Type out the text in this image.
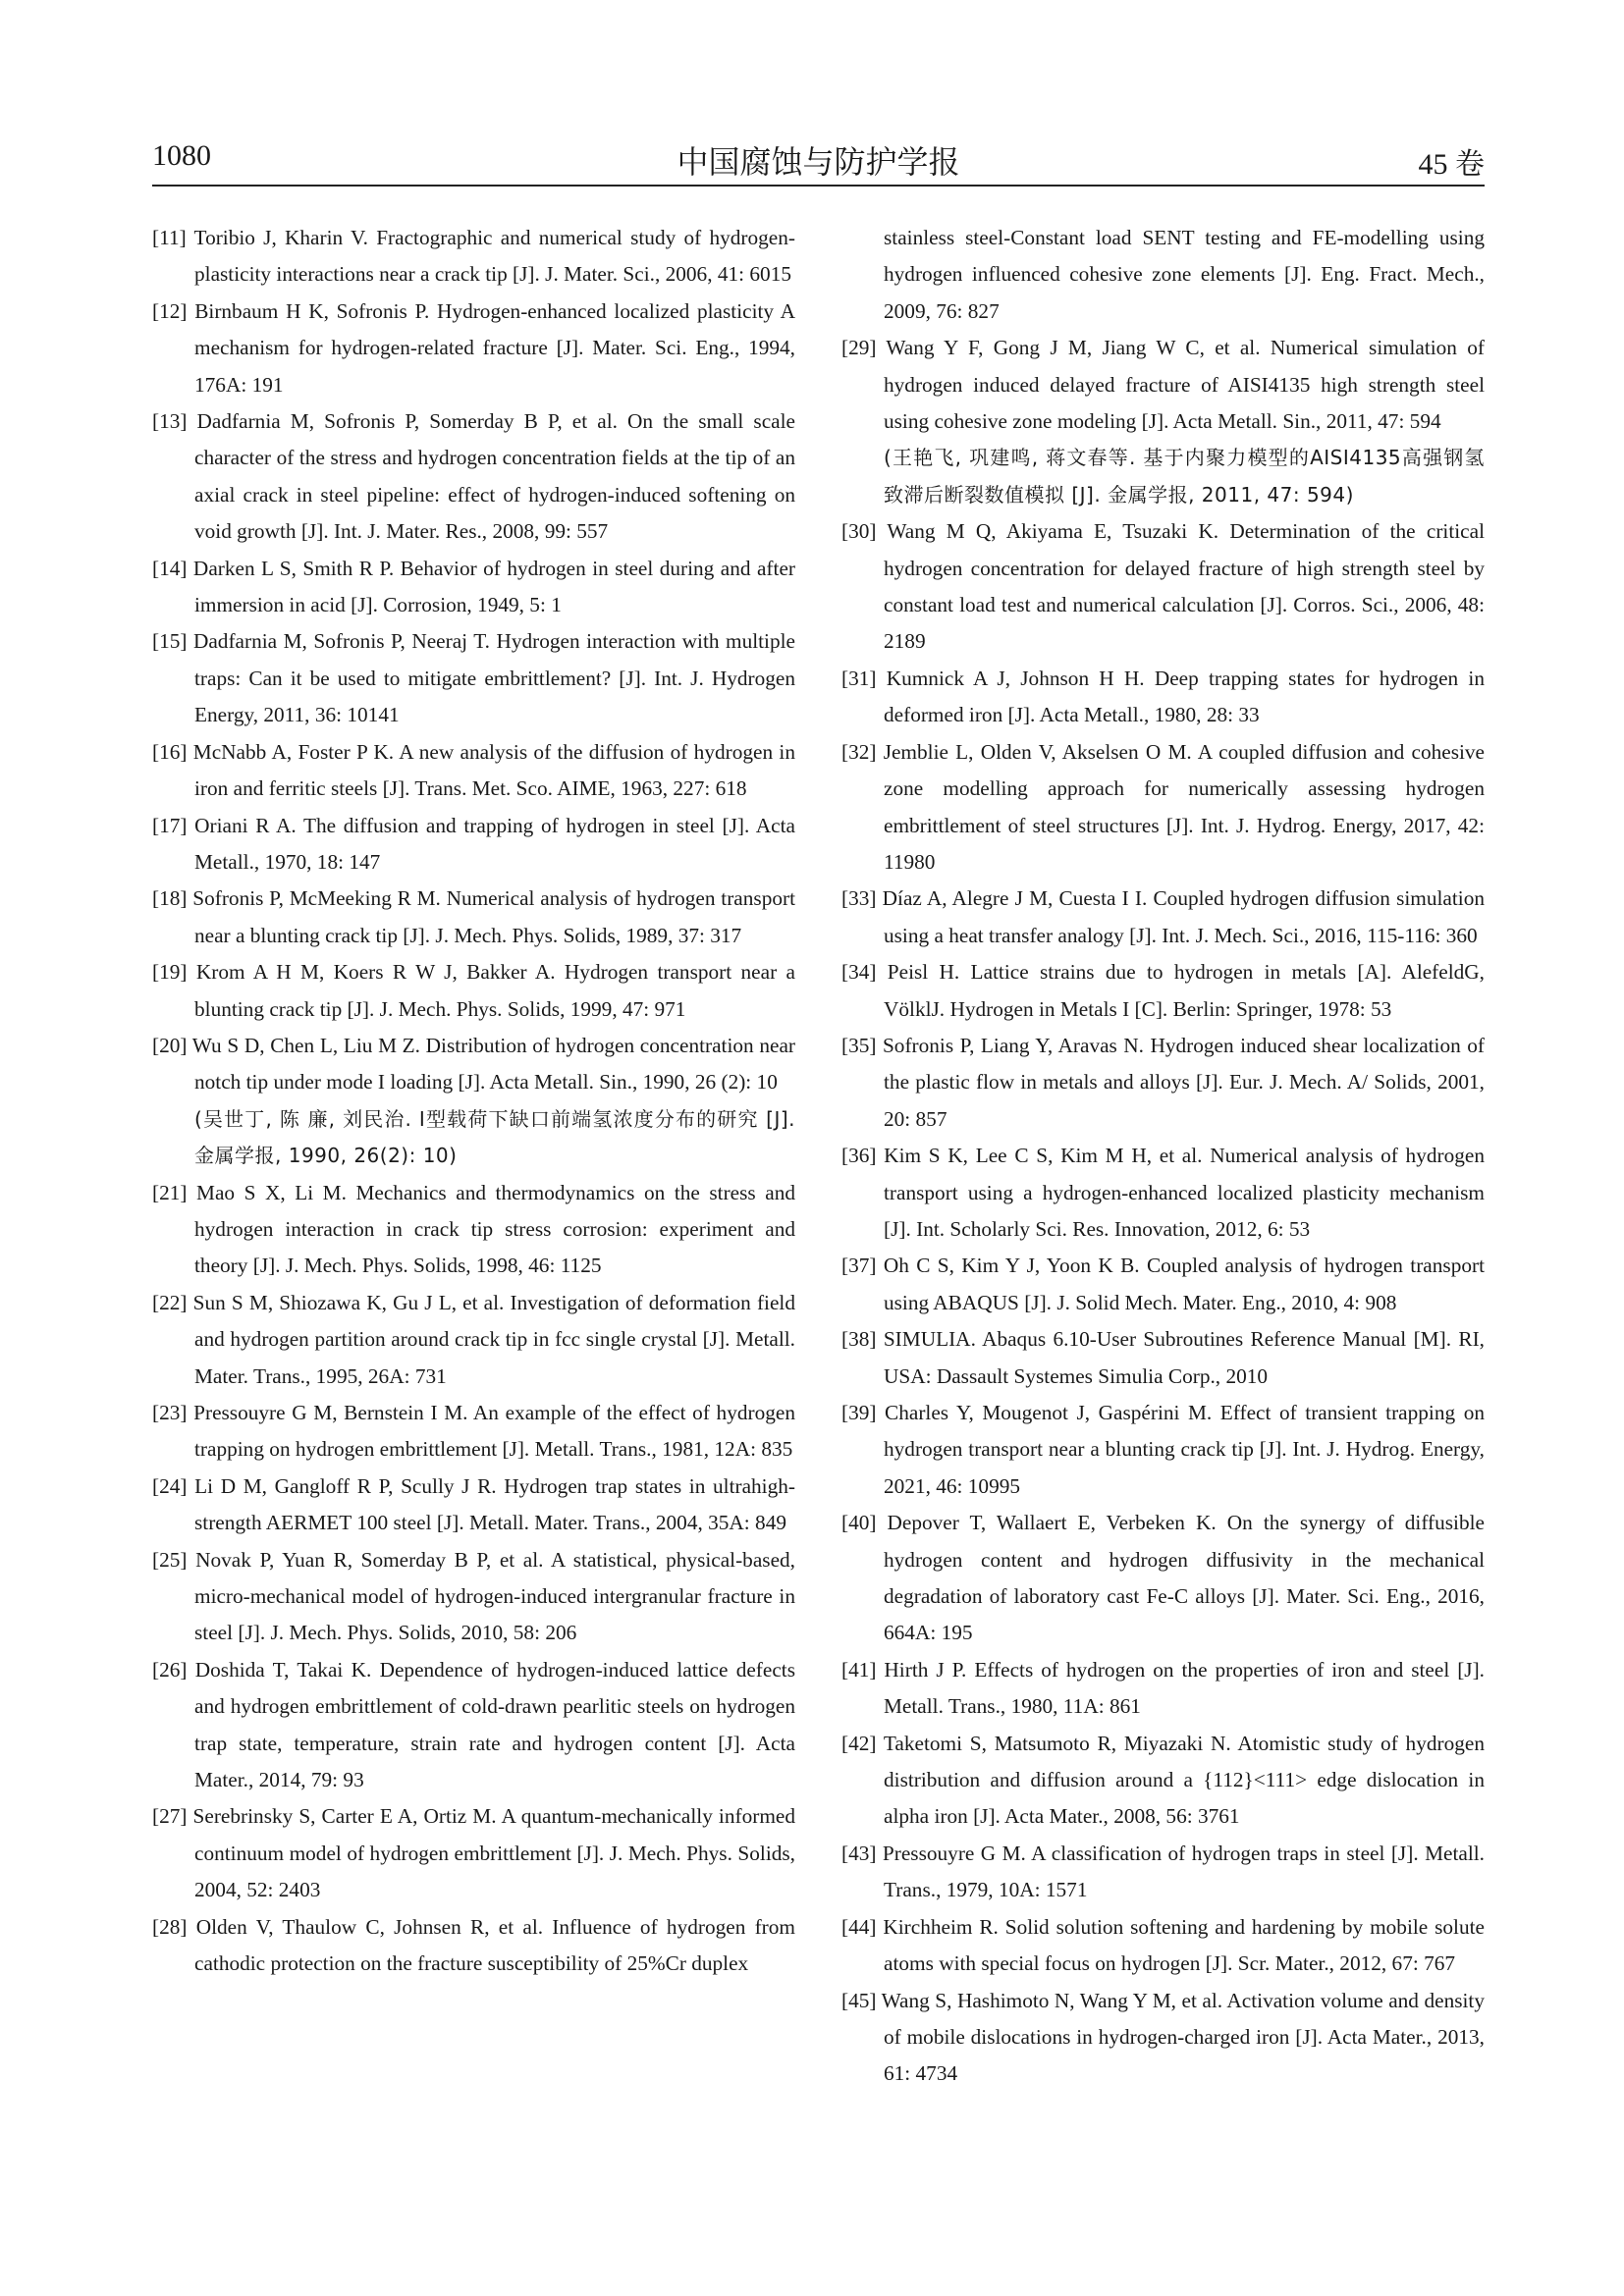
1080	中国腐蚀与防护学报	45 卷
[11] Toribio J, Kharin V. Fractographic and numerical study of hydrogen-plasticity interactions near a crack tip [J]. J. Mater. Sci., 2006, 41: 6015
[12] Birnbaum H K, Sofronis P. Hydrogen-enhanced localized plasticity A mechanism for hydrogen-related fracture [J]. Mater. Sci. Eng., 1994, 176A: 191
[13] Dadfarnia M, Sofronis P, Somerday B P, et al. On the small scale character of the stress and hydrogen concentration fields at the tip of an axial crack in steel pipeline: effect of hydrogen-induced softening on void growth [J]. Int. J. Mater. Res., 2008, 99: 557
[14] Darken L S, Smith R P. Behavior of hydrogen in steel during and after immersion in acid [J]. Corrosion, 1949, 5: 1
[15] Dadfarnia M, Sofronis P, Neeraj T. Hydrogen interaction with multiple traps: Can it be used to mitigate embrittlement? [J]. Int. J. Hydrogen Energy, 2011, 36: 10141
[16] McNabb A, Foster P K. A new analysis of the diffusion of hydrogen in iron and ferritic steels [J]. Trans. Met. Sco. AIME, 1963, 227: 618
[17] Oriani R A. The diffusion and trapping of hydrogen in steel [J]. Acta Metall., 1970, 18: 147
[18] Sofronis P, McMeeking R M. Numerical analysis of hydrogen transport near a blunting crack tip [J]. J. Mech. Phys. Solids, 1989, 37: 317
[19] Krom A H M, Koers R W J, Bakker A. Hydrogen transport near a blunting crack tip [J]. J. Mech. Phys. Solids, 1999, 47: 971
[20] Wu S D, Chen L, Liu M Z. Distribution of hydrogen concentration near notch tip under mode I loading [J]. Acta Metall. Sin., 1990, 26 (2): 10
(吴世丁, 陈 廉, 刘民治. I型载荷下缺口前端氢浓度分布的研究 [J]. 金属学报, 1990, 26(2): 10)
[21] Mao S X, Li M. Mechanics and thermodynamics on the stress and hydrogen interaction in crack tip stress corrosion: experiment and theory [J]. J. Mech. Phys. Solids, 1998, 46: 1125
[22] Sun S M, Shiozawa K, Gu J L, et al. Investigation of deformation field and hydrogen partition around crack tip in fcc single crystal [J]. Metall. Mater. Trans., 1995, 26A: 731
[23] Pressouyre G M, Bernstein I M. An example of the effect of hydrogen trapping on hydrogen embrittlement [J]. Metall. Trans., 1981, 12A: 835
[24] Li D M, Gangloff R P, Scully J R. Hydrogen trap states in ultrahigh-strength AERMET 100 steel [J]. Metall. Mater. Trans., 2004, 35A: 849
[25] Novak P, Yuan R, Somerday B P, et al. A statistical, physical-based, micro-mechanical model of hydrogen-induced intergranular fracture in steel [J]. J. Mech. Phys. Solids, 2010, 58: 206
[26] Doshida T, Takai K. Dependence of hydrogen-induced lattice defects and hydrogen embrittlement of cold-drawn pearlitic steels on hydrogen trap state, temperature, strain rate and hydrogen content [J]. Acta Mater., 2014, 79: 93
[27] Serebrinsky S, Carter E A, Ortiz M. A quantum-mechanically informed continuum model of hydrogen embrittlement [J]. J. Mech. Phys. Solids, 2004, 52: 2403
[28] Olden V, Thaulow C, Johnsen R, et al. Influence of hydrogen from cathodic protection on the fracture susceptibility of 25%Cr duplex
stainless steel-Constant load SENT testing and FE-modelling using hydrogen influenced cohesive zone elements [J]. Eng. Fract. Mech., 2009, 76: 827
[29] Wang Y F, Gong J M, Jiang W C, et al. Numerical simulation of hydrogen induced delayed fracture of AISI4135 high strength steel using cohesive zone modeling [J]. Acta Metall. Sin., 2011, 47: 594
(王艳飞, 巩建鸣, 蒋文春等. 基于内聚力模型的AISI4135高强钢氢致滞后断裂数值模拟 [J]. 金属学报, 2011, 47: 594)
[30] Wang M Q, Akiyama E, Tsuzaki K. Determination of the critical hydrogen concentration for delayed fracture of high strength steel by constant load test and numerical calculation [J]. Corros. Sci., 2006, 48: 2189
[31] Kumnick A J, Johnson H H. Deep trapping states for hydrogen in deformed iron [J]. Acta Metall., 1980, 28: 33
[32] Jemblie L, Olden V, Akselsen O M. A coupled diffusion and cohesive zone modelling approach for numerically assessing hydrogen embrittlement of steel structures [J]. Int. J. Hydrog. Energy, 2017, 42: 11980
[33] Díaz A, Alegre J M, Cuesta I I. Coupled hydrogen diffusion simulation using a heat transfer analogy [J]. Int. J. Mech. Sci., 2016, 115-116: 360
[34] Peisl H. Lattice strains due to hydrogen in metals [A]. AlefeldG, VölklJ. Hydrogen in Metals I [C]. Berlin: Springer, 1978: 53
[35] Sofronis P, Liang Y, Aravas N. Hydrogen induced shear localization of the plastic flow in metals and alloys [J]. Eur. J. Mech. A/ Solids, 2001, 20: 857
[36] Kim S K, Lee C S, Kim M H, et al. Numerical analysis of hydrogen transport using a hydrogen-enhanced localized plasticity mechanism [J]. Int. Scholarly Sci. Res. Innovation, 2012, 6: 53
[37] Oh C S, Kim Y J, Yoon K B. Coupled analysis of hydrogen transport using ABAQUS [J]. J. Solid Mech. Mater. Eng., 2010, 4: 908
[38] SIMULIA. Abaqus 6.10-User Subroutines Reference Manual [M]. RI, USA: Dassault Systemes Simulia Corp., 2010
[39] Charles Y, Mougenot J, Gaspérini M. Effect of transient trapping on hydrogen transport near a blunting crack tip [J]. Int. J. Hydrog. Energy, 2021, 46: 10995
[40] Depover T, Wallaert E, Verbeken K. On the synergy of diffusible hydrogen content and hydrogen diffusivity in the mechanical degradation of laboratory cast Fe-C alloys [J]. Mater. Sci. Eng., 2016, 664A: 195
[41] Hirth J P. Effects of hydrogen on the properties of iron and steel [J]. Metall. Trans., 1980, 11A: 861
[42] Taketomi S, Matsumoto R, Miyazaki N. Atomistic study of hydrogen distribution and diffusion around a {112}<111> edge dislocation in alpha iron [J]. Acta Mater., 2008, 56: 3761
[43] Pressouyre G M. A classification of hydrogen traps in steel [J]. Metall. Trans., 1979, 10A: 1571
[44] Kirchheim R. Solid solution softening and hardening by mobile solute atoms with special focus on hydrogen [J]. Scr. Mater., 2012, 67: 767
[45] Wang S, Hashimoto N, Wang Y M, et al. Activation volume and density of mobile dislocations in hydrogen-charged iron [J]. Acta Mater., 2013, 61: 4734
